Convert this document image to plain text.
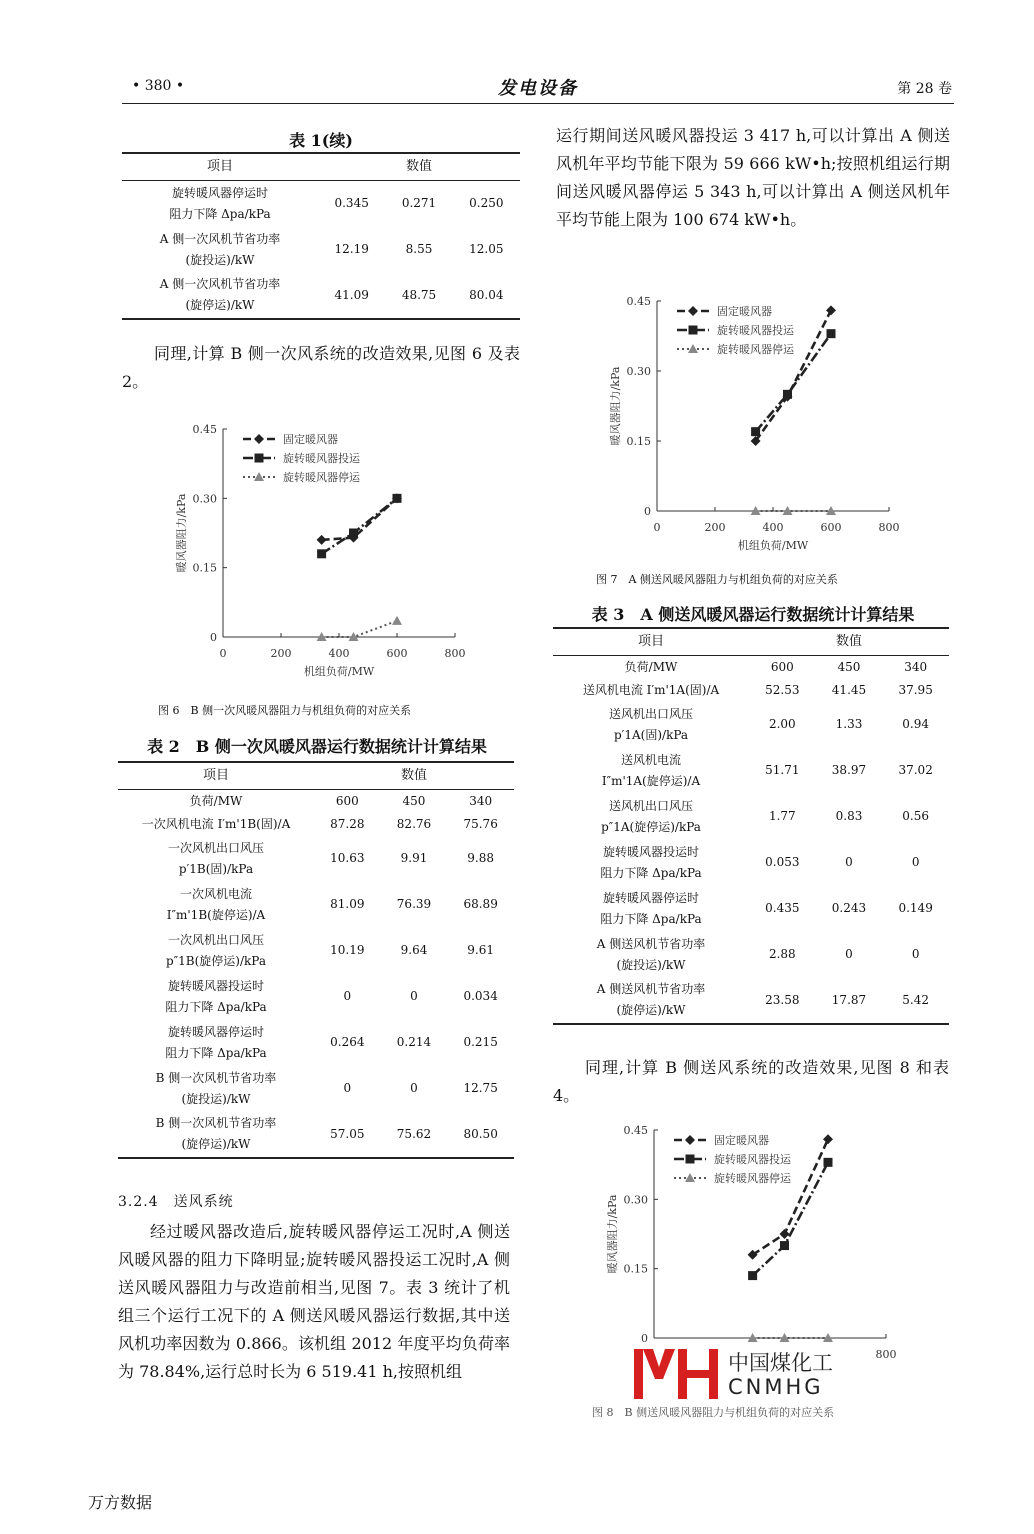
• 380 •	发电设备	第 28 卷
表 1(续)
项目	数值		

旋转暖风器停运时
阻力下降 Δpa/kPa	0.345	0.271	0.250

A 侧一次风机节省功率
(旋投运)/kW	12.19	8.55	12.05

A 侧一次风机节省功率
(旋停运)/kW	41.09	48.75	80.04

同理,计算 B 侧一次风系统的改造效果,见图 6 及表 2。

0
0.15
0.30
0.45
0	200	400	600	800
暖风器阻力/kPa
机组负荷/MW
固定暖风器
旋转暖风器投运
旋转暖风器停运
图 6　B 侧一次风暖风器阻力与机组负荷的对应关系
表 2　B 侧一次风暖风器运行数据统计计算结果
项目	数值		

负荷/MW	600	450	340

一次风机电流 I′m'1B(固)/A	87.28	82.76	75.76

一次风机出口风压
p′1B(固)/kPa	10.63	9.91	9.88

一次风机电流
I″m'1B(旋停运)/A	81.09	76.39	68.89

一次风机出口风压
p″1B(旋停运)/kPa	10.19	9.64	9.61

旋转暖风器投运时
阻力下降 Δpa/kPa	0	0	0.034

旋转暖风器停运时
阻力下降 Δpa/kPa	0.264	0.214	0.215

B 侧一次风机节省功率
(旋投运)/kW	0	0	12.75

B 侧一次风机节省功率
(旋停运)/kW	57.05	75.62	80.50
3.2.4　送风系统

经过暖风器改造后,旋转暖风器停运工况时,A 侧送风暖风器的阻力下降明显;旋转暖风器投运工况时,A 侧送风暖风器阻力与改造前相当,见图 7。表 3 统计了机组三个运行工况下的 A 侧送风暖风器运行数据,其中送风机功率因数为 0.866。该机组 2012 年度平均负荷率为 78.84%,运行总时长为 6 519.41 h,按照机组

运行期间送风暖风器投运 3 417 h,可以计算出 A 侧送风机年平均节能下限为 59 666 kW•h;按照机组运行期间送风暖风器停运 5 343 h,可以计算出 A 侧送风机年平均节能上限为 100 674 kW•h。

0
0.15
0.30
0.45
0	200	400	600	800
暖风器阻力/kPa
机组负荷/MW
固定暖风器
旋转暖风器投运
旋转暖风器停运
图 7　A 侧送风暖风器阻力与机组负荷的对应关系
表 3　A 侧送风暖风器运行数据统计计算结果
项目	数值		

负荷/MW	600	450	340

送风机电流 I′m'1A(固)/A	52.53	41.45	37.95

送风机出口风压
p′1A(固)/kPa	2.00	1.33	0.94

送风机电流
I″m'1A(旋停运)/A	51.71	38.97	37.02

送风机出口风压
p″1A(旋停运)/kPa	1.77	0.83	0.56

旋转暖风器投运时
阻力下降 Δpa/kPa	0.053	0	0

旋转暖风器停运时
阻力下降 Δpa/kPa	0.435	0.243	0.149

A 侧送风机节省功率
(旋投运)/kW	2.88	0	0

A 侧送风机节省功率
(旋停运)/kW	23.58	17.87	5.42

同理,计算 B 侧送风系统的改造效果,见图 8 和表 4。

0
0.15
0.30
0.45
800
暖风器阻力/kPa
固定暖风器
旋转暖风器投运
旋转暖风器停运
图 8　B 侧送风暖风器阻力与机组负荷的对应关系
中国煤化工
CNMHG
万方数据
